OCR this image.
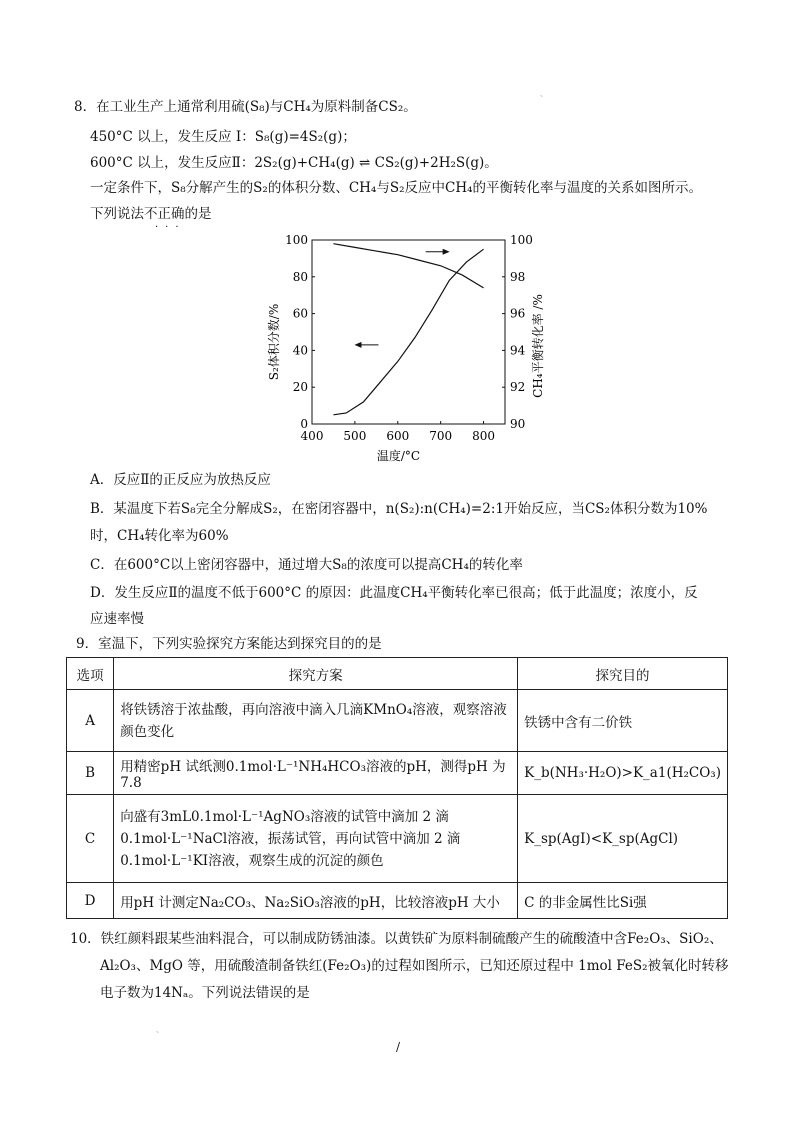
、
8．在工业生产上通常利用硫(S₈)与CH₄为原料制备CS₂。
450°C 以上，发生反应 I：S₈(g)=4S₂(g)；
600°C 以上，发生反应Ⅱ：2S₂(g)+CH₄(g) ⇌ CS₂(g)+2H₂S(g)。
一定条件下，S₈分解产生的S₂的体积分数、CH₄与S₂反应中CH₄的平衡转化率与温度的关系如图所示。
下列说法不正确的是
···
400 500 600 700 800
0
20
40
60
80
100
90
92
94
96
98
100
温度/°C
S₂体积分数/%	CH₄平衡转化率 /%
A．反应Ⅱ的正反应为放热反应
B．某温度下若S₈完全分解成S₂，在密闭容器中，n(S₂):n(CH₄)=2:1开始反应，当CS₂体积分数为10%
时，CH₄转化率为60%
C．在600°C以上密闭容器中，通过增大S₈的浓度可以提高CH₄的转化率
D．发生反应Ⅱ的温度不低于600°C 的原因：此温度CH₄平衡转化率已很高；低于此温度；浓度小，反
应速率慢
9．室温下，下列实验探究方案能达到探究目的的是
选项	探究方案	探究目的
A	将铁锈溶于浓盐酸，再向溶液中滴入几滴KMnO₄溶液，观察溶液颜色变化	铁锈中含有二价铁
B	用精密pH 试纸测0.1mol·L⁻¹NH₄HCO₃溶液的pH，测得pH 为 7.8	K_b(NH₃·H₂O)>K_a1(H₂CO₃)
C	向盛有3mL0.1mol·L⁻¹AgNO₃溶液的试管中滴加 2 滴0.1mol·L⁻¹NaCl溶液，振荡试管，再向试管中滴加 2 滴0.1mol·L⁻¹KI溶液，观察生成的沉淀的颜色	K_sp(AgI)<K_sp(AgCl)
D	用pH 计测定Na₂CO₃、Na₂SiO₃溶液的pH，比较溶液pH 大小	C 的非金属性比Si强
10．铁红颜料跟某些油料混合，可以制成防锈油漆。以黄铁矿为原料制硫酸产生的硫酸渣中含Fe₂O₃、SiO₂、
Al₂O₃、MgO 等，用硫酸渣制备铁红(Fe₂O₃)的过程如图所示，已知还原过程中 1mol FeS₂被氧化时转移
电子数为14Nₐ。下列说法错误的是
、
/
